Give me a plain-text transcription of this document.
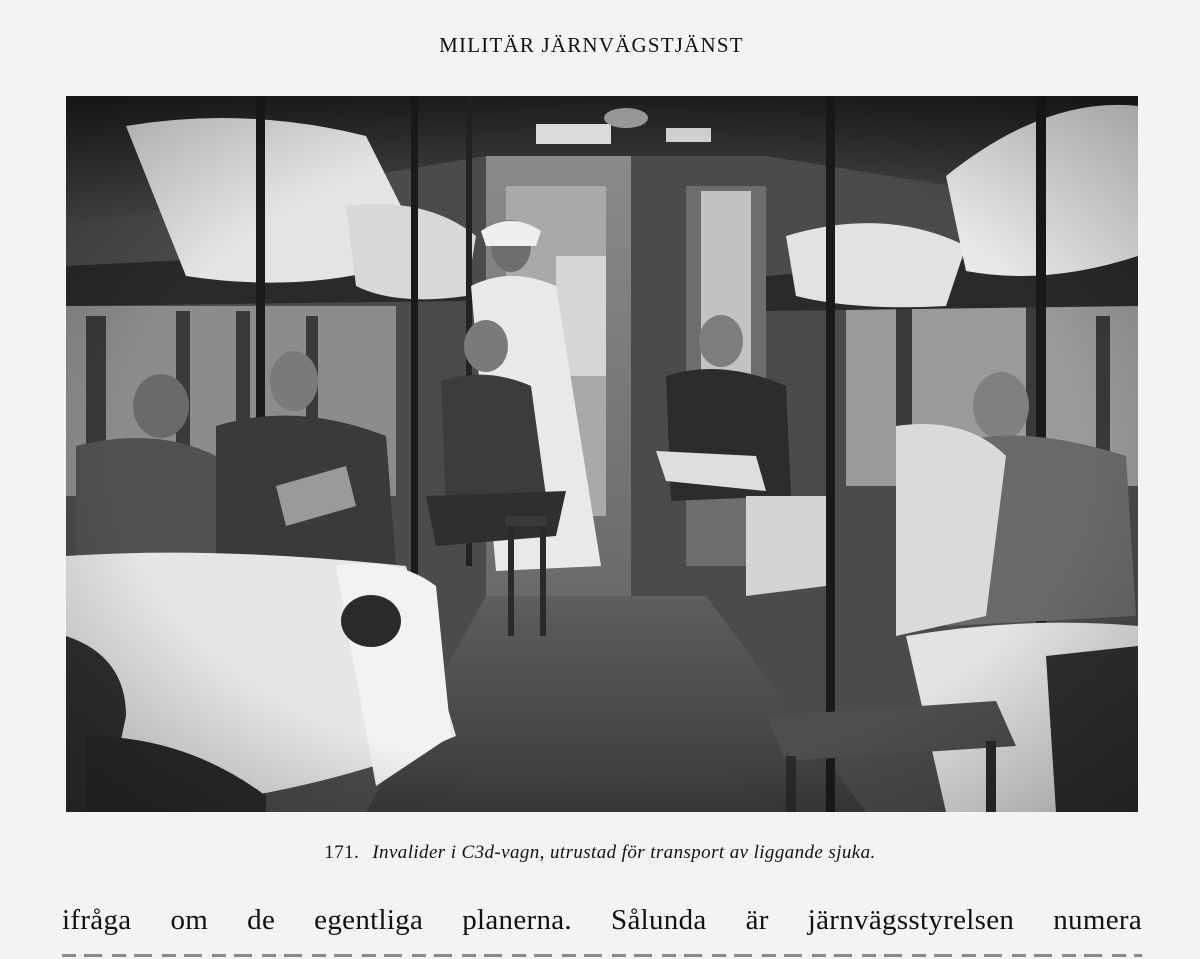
MILITÄR JÄRNVÄGSTJÄNST
171. Invalider i C3d-vagn, utrustad för transport av liggande sjuka.
ifråga om de egentliga planerna. Sålunda är järnvägsstyrelsen numera
